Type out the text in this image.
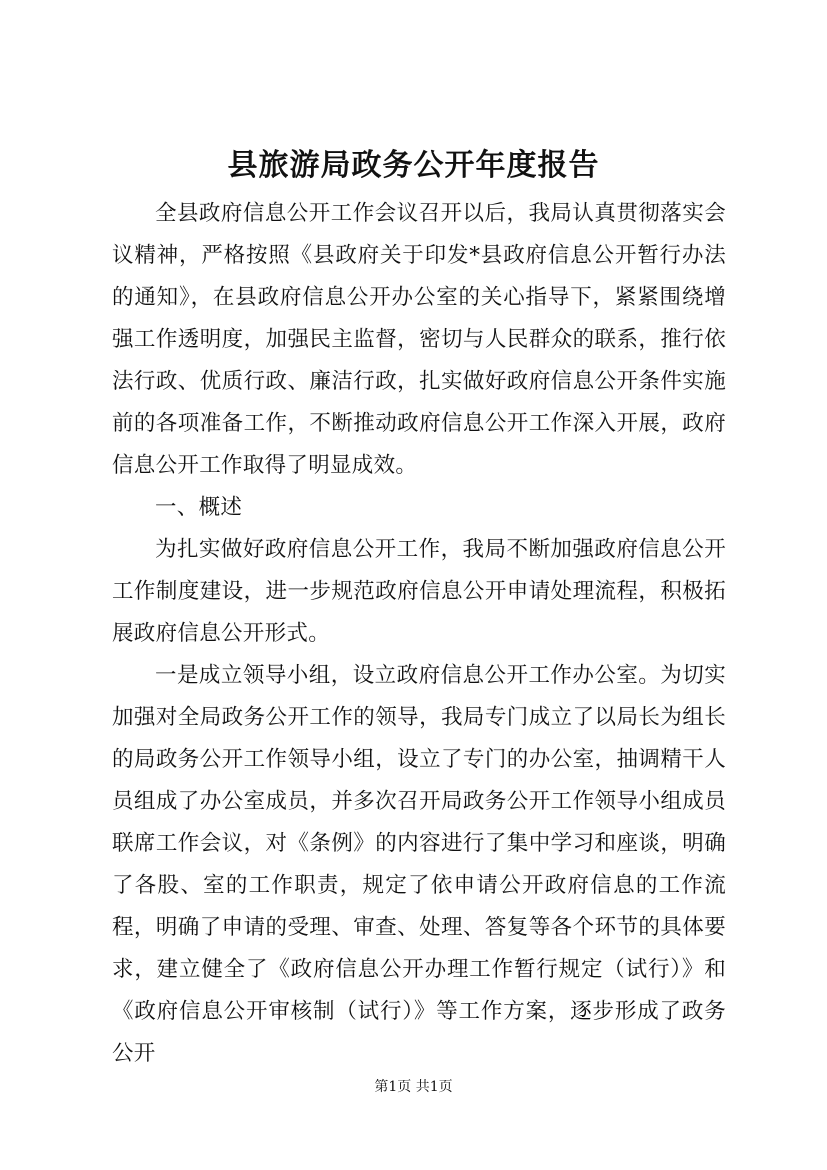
县旅游局政务公开年度报告

全县政府信息公开工作会议召开以后，我局认真贯彻落实会议精神，严格按照《县政府关于印发*县政府信息公开暂行办法的通知》，在县政府信息公开办公室的关心指导下，紧紧围绕增强工作透明度，加强民主监督，密切与人民群众的联系，推行依法行政、优质行政、廉洁行政，扎实做好政府信息公开条件实施前的各项准备工作，不断推动政府信息公开工作深入开展，政府信息公开工作取得了明显成效。

一、概述

为扎实做好政府信息公开工作，我局不断加强政府信息公开工作制度建设，进一步规范政府信息公开申请处理流程，积极拓展政府信息公开形式。

一是成立领导小组，设立政府信息公开工作办公室。为切实加强对全局政务公开工作的领导，我局专门成立了以局长为组长的局政务公开工作领导小组，设立了专门的办公室，抽调精干人员组成了办公室成员，并多次召开局政务公开工作领导小组成员联席工作会议，对《条例》的内容进行了集中学习和座谈，明确了各股、室的工作职责，规定了依申请公开政府信息的工作流程，明确了申请的受理、审查、处理、答复等各个环节的具体要求，建立健全了《政府信息公开办理工作暂行规定（试行）》和《政府信息公开审核制（试行）》等工作方案，逐步形成了政务公开

第1页 共1页
